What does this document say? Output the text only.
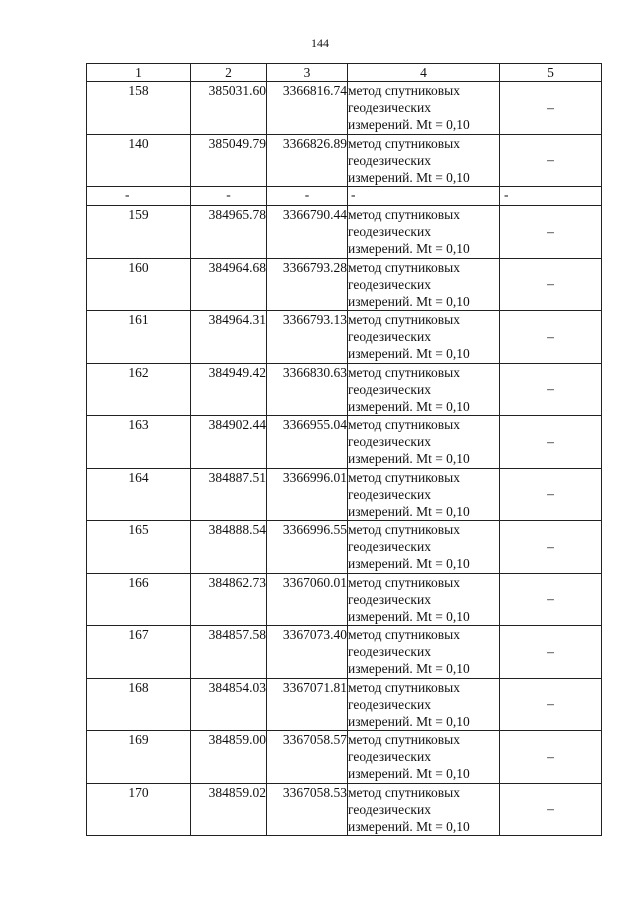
144
1	2	3	4	5
158	385031.60	3366816.74	метод спутниковых
геодезических
измерений. Mt = 0,10	–
140	385049.79	3366826.89	метод спутниковых
геодезических
измерений. Mt = 0,10	–
-	-	-	-	-
159	384965.78	3366790.44	метод спутниковых
геодезических
измерений. Mt = 0,10	–
160	384964.68	3366793.28	метод спутниковых
геодезических
измерений. Mt = 0,10	–
161	384964.31	3366793.13	метод спутниковых
геодезических
измерений. Mt = 0,10	–
162	384949.42	3366830.63	метод спутниковых
геодезических
измерений. Mt = 0,10	–
163	384902.44	3366955.04	метод спутниковых
геодезических
измерений. Mt = 0,10	–
164	384887.51	3366996.01	метод спутниковых
геодезических
измерений. Mt = 0,10	–
165	384888.54	3366996.55	метод спутниковых
геодезических
измерений. Mt = 0,10	–
166	384862.73	3367060.01	метод спутниковых
геодезических
измерений. Mt = 0,10	–
167	384857.58	3367073.40	метод спутниковых
геодезических
измерений. Mt = 0,10	–
168	384854.03	3367071.81	метод спутниковых
геодезических
измерений. Mt = 0,10	–
169	384859.00	3367058.57	метод спутниковых
геодезических
измерений. Mt = 0,10	–
170	384859.02	3367058.53	метод спутниковых
геодезических
измерений. Mt = 0,10	–
